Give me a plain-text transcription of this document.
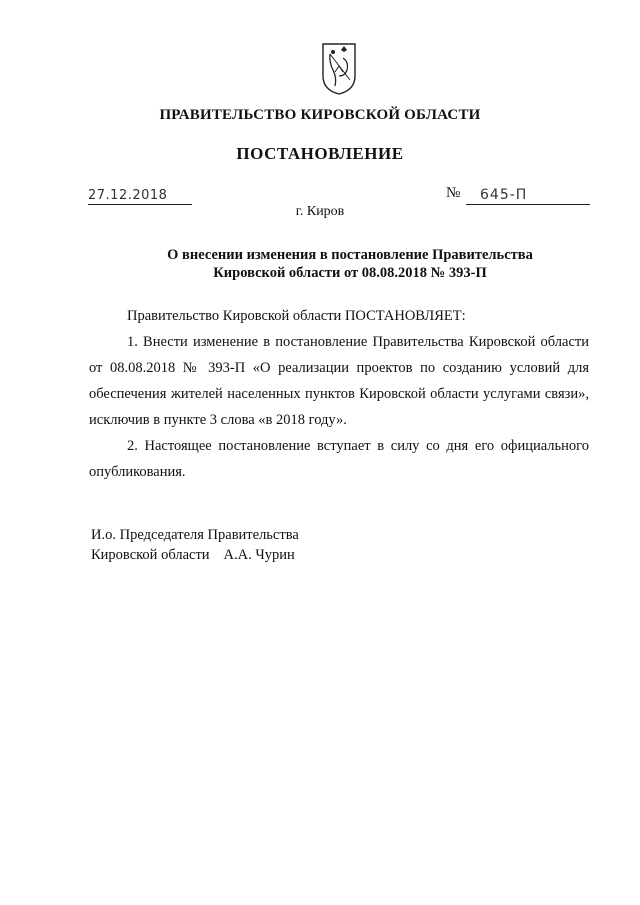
ПРАВИТЕЛЬСТВО КИРОВСКОЙ ОБЛАСТИ
ПОСТАНОВЛЕНИЕ
27.12.2018	№ 645-П
г. Киров
О внесении изменения в постановление Правительства
Кировской области от 08.08.2018 № 393-П

Правительство Кировской области ПОСТАНОВЛЯЕТ:

1. Внести изменение в постановление Правительства Кировской области от 08.08.2018 № 393-П «О реализации проектов по созданию условий для обеспечения жителей населенных пунктов Кировской области услугами связи», исключив в пункте 3 слова «в 2018 году».

2. Настоящее постановление вступает в силу со дня его официального опубликования.

И.о. Председателя Правительства
Кировской области А.А. Чурин
